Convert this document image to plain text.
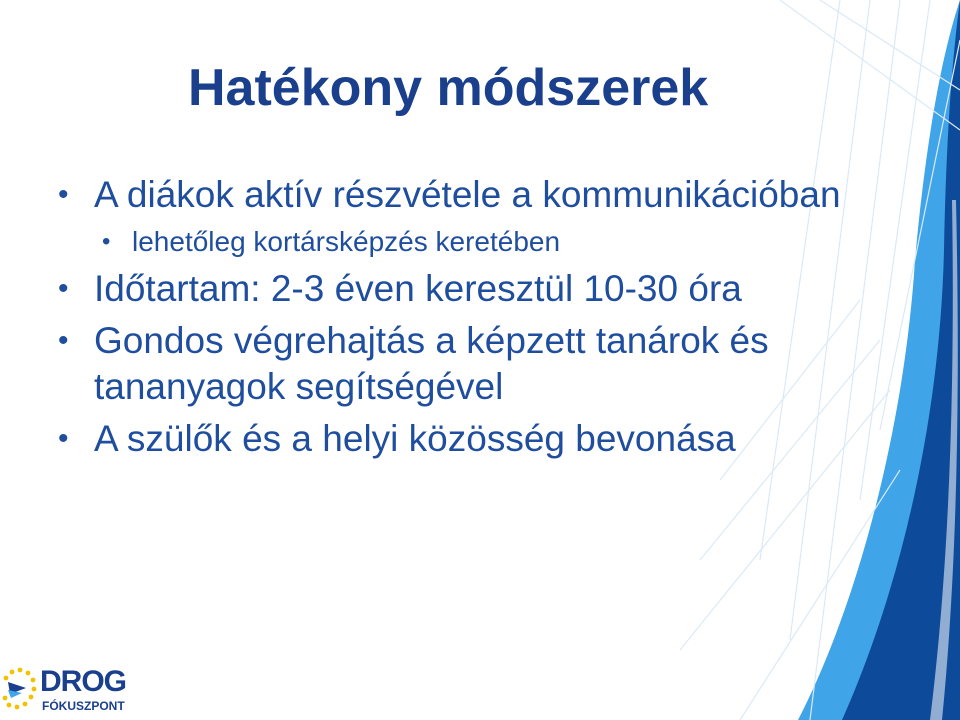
Hatékony módszerek
• A diákok aktív részvétele a kommunikációban
• lehetőleg kortársképzés keretében
• Időtartam: 2-3 éven keresztül 10-30 óra
• Gondos végrehajtás a képzett tanárok és tananyagok segítségével
• A szülők és a helyi közösség bevonása
DROG
FÓKUSZPONT
